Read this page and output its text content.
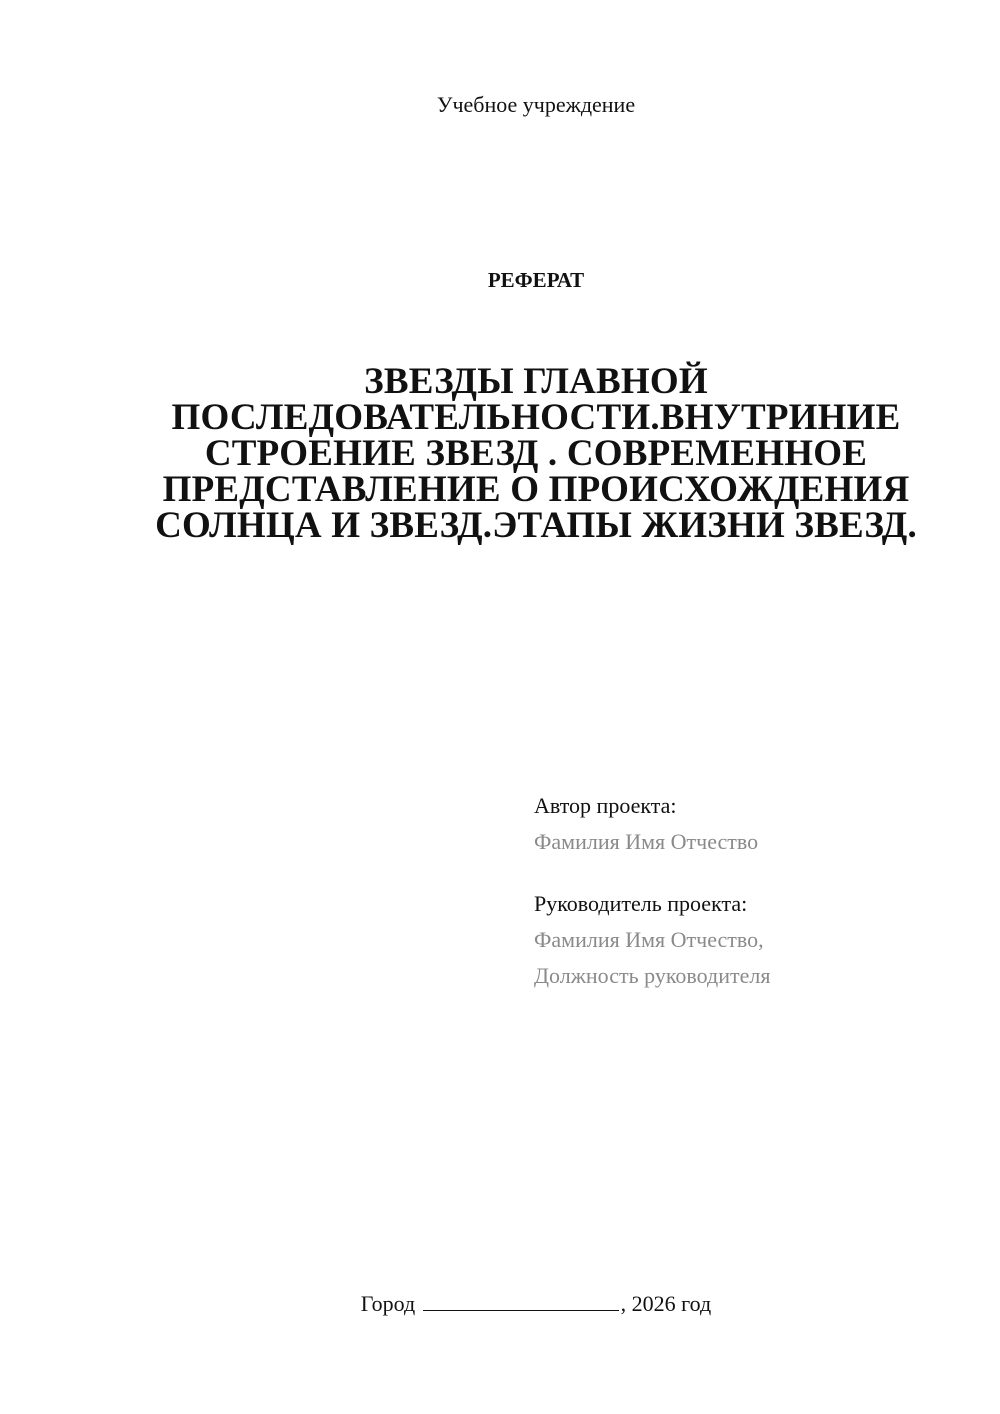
Учебное учреждение
РЕФЕРАТ
ЗВЕЗДЫ ГЛАВНОЙ ПОСЛЕДОВАТЕЛЬНОСТИ.ВНУТРИНИЕ СТРОЕНИЕ ЗВЕЗД . СОВРЕМЕННОЕ ПРЕДСТАВЛЕНИЕ О ПРОИСХОЖДЕНИЯ СОЛНЦА И ЗВЕЗД.ЭТАПЫ ЖИЗНИ ЗВЕЗД.
Автор проекта:
Фамилия Имя Отчество
Руководитель проекта:
Фамилия Имя Отчество,
Должность руководителя
Город	, 2026 год
